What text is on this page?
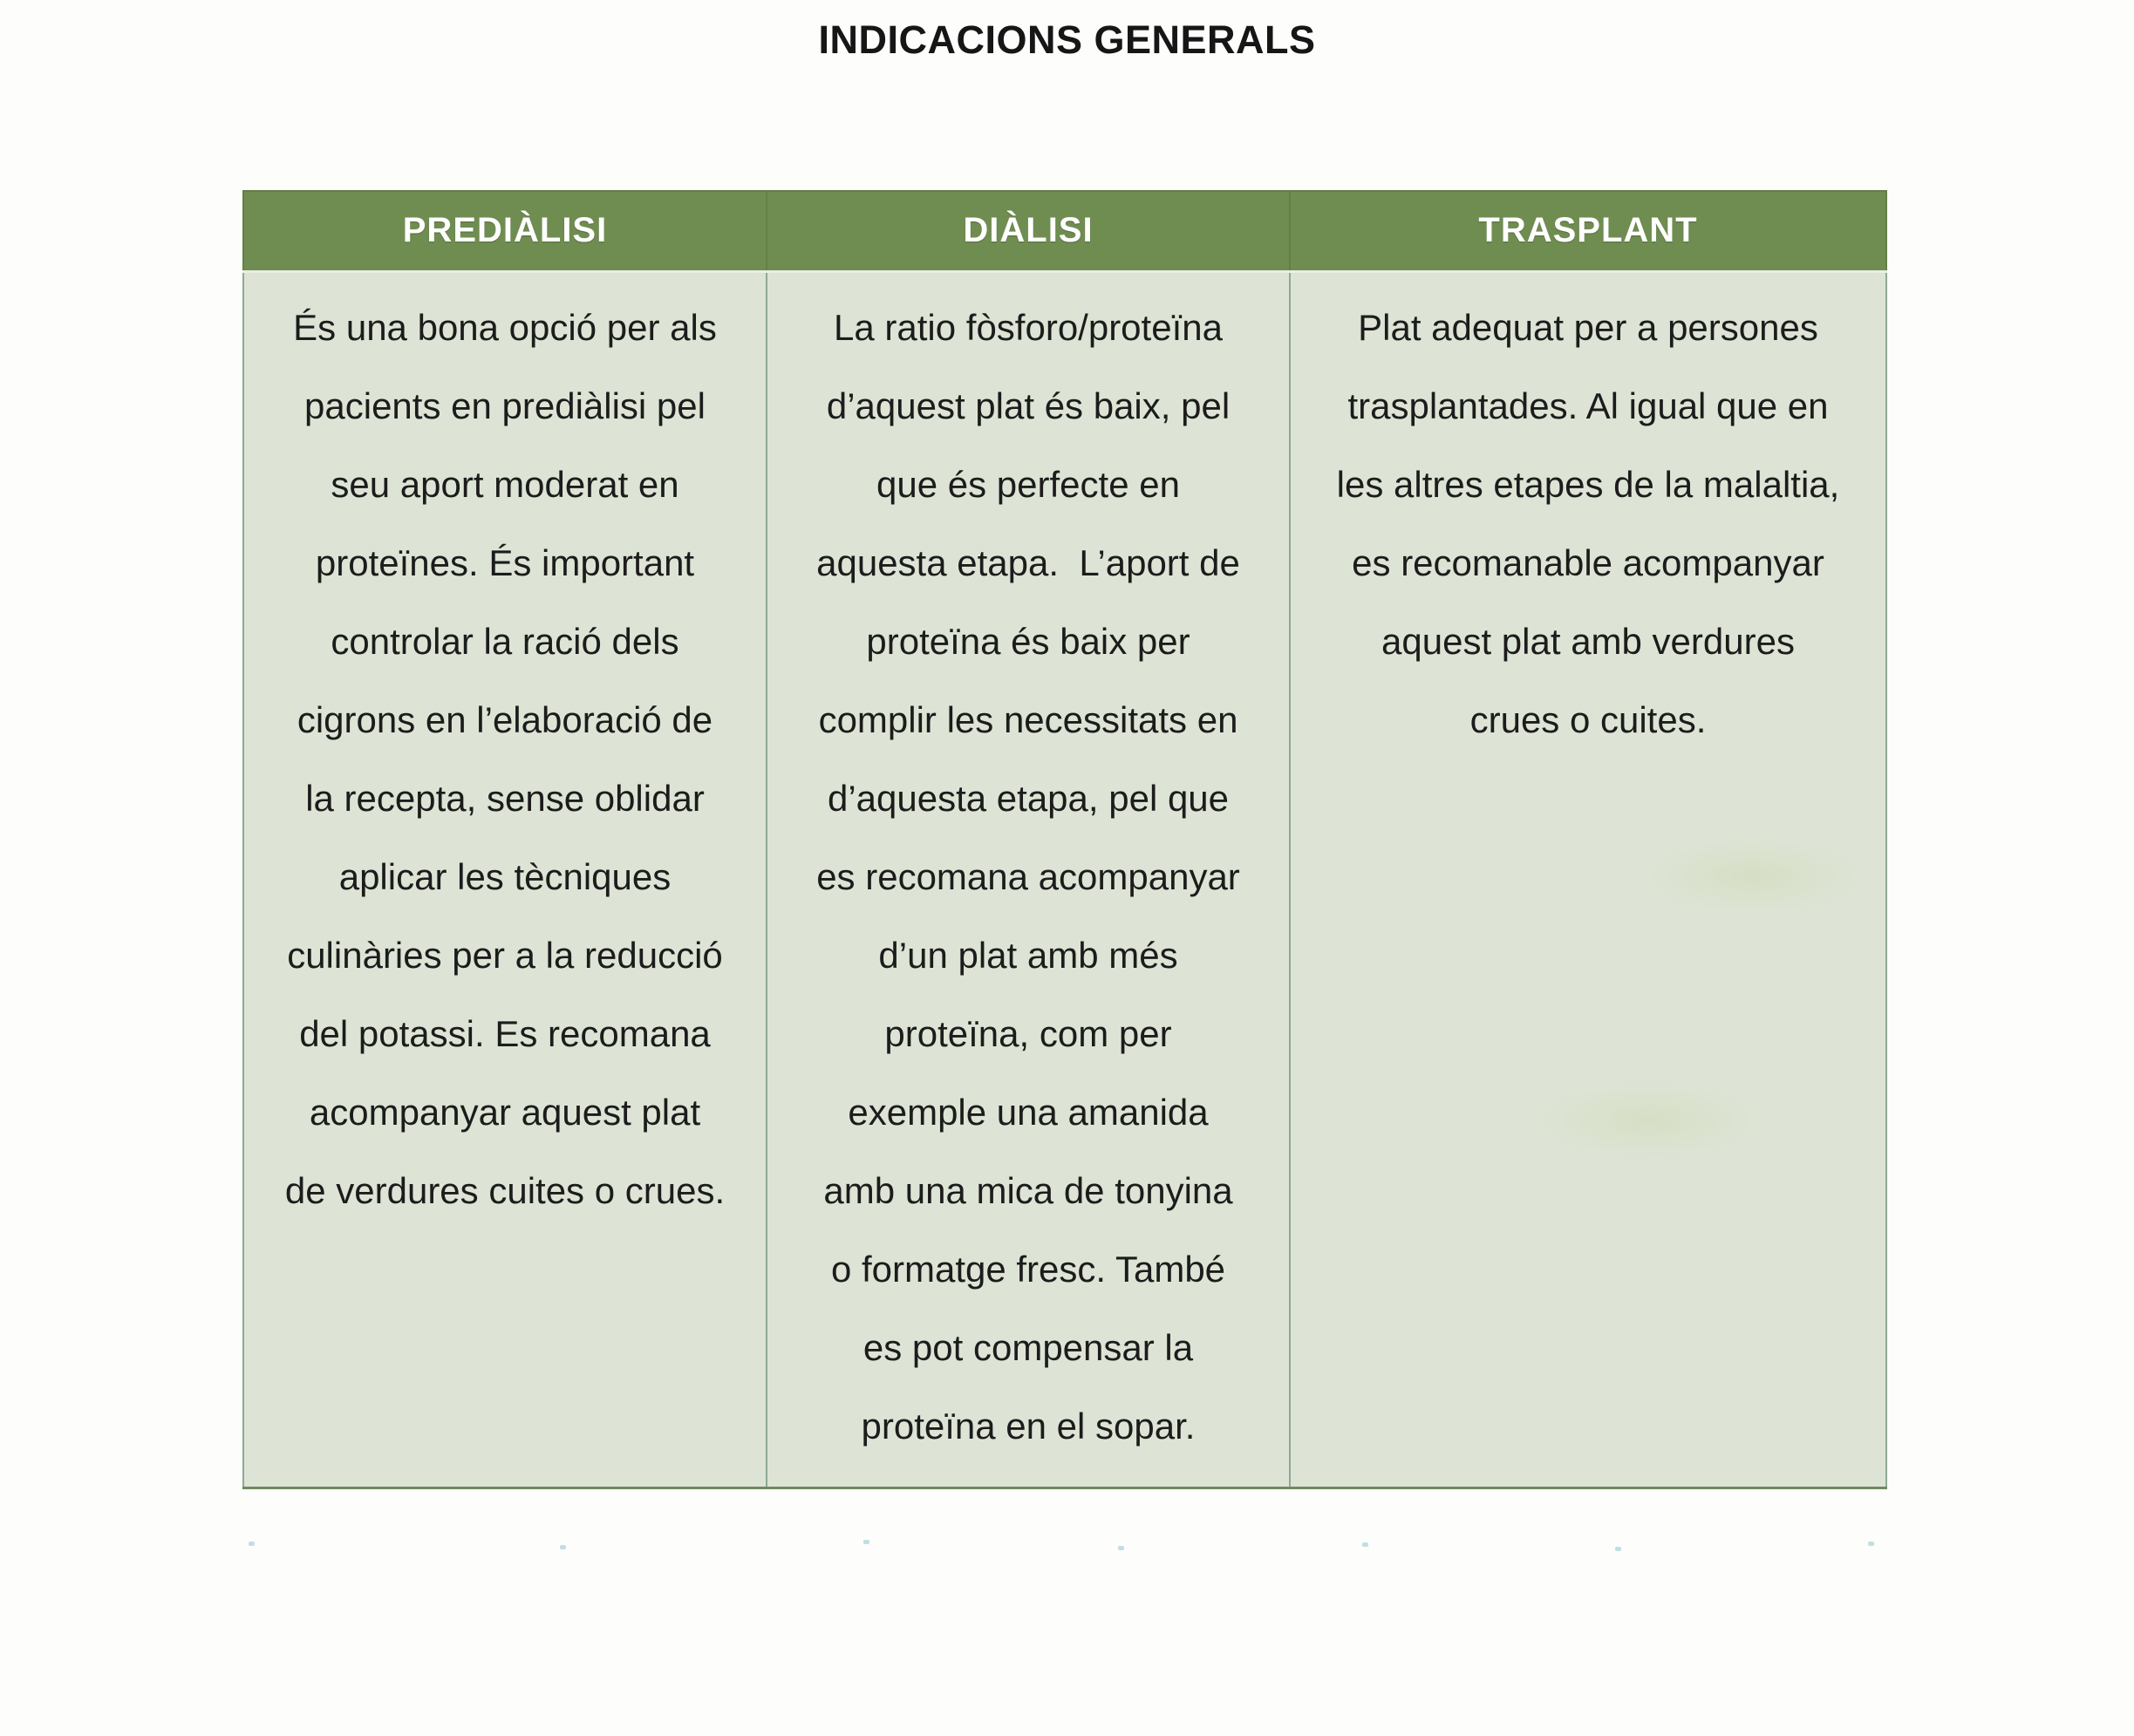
INDICACIONS GENERALS
PREDIÀLISI	DIÀLISI	TRASPLANT

És una bona opció per als
pacients en prediàlisi pel
seu aport moderat en
proteïnes. És important
controlar la ració dels
cigrons en l’elaboració de
la recepta, sense oblidar
aplicar les tècniques
culinàries per a la reducció
del potassi. Es recomana
acompanyar aquest plat
de verdures cuites o crues.

La ratio fòsforo/proteïna
d’aquest plat és baix, pel
que és perfecte en
aquesta etapa.  L’aport de
proteïna és baix per
complir les necessitats en
d’aquesta etapa, pel que
es recomana acompanyar
d’un plat amb més
proteïna, com per
exemple una amanida
amb una mica de tonyina
o formatge fresc. També
es pot compensar la
proteïna en el sopar.

Plat adequat per a persones
trasplantades. Al igual que en
les altres etapes de la malaltia,
es recomanable acompanyar
aquest plat amb verdures
crues o cuites.
